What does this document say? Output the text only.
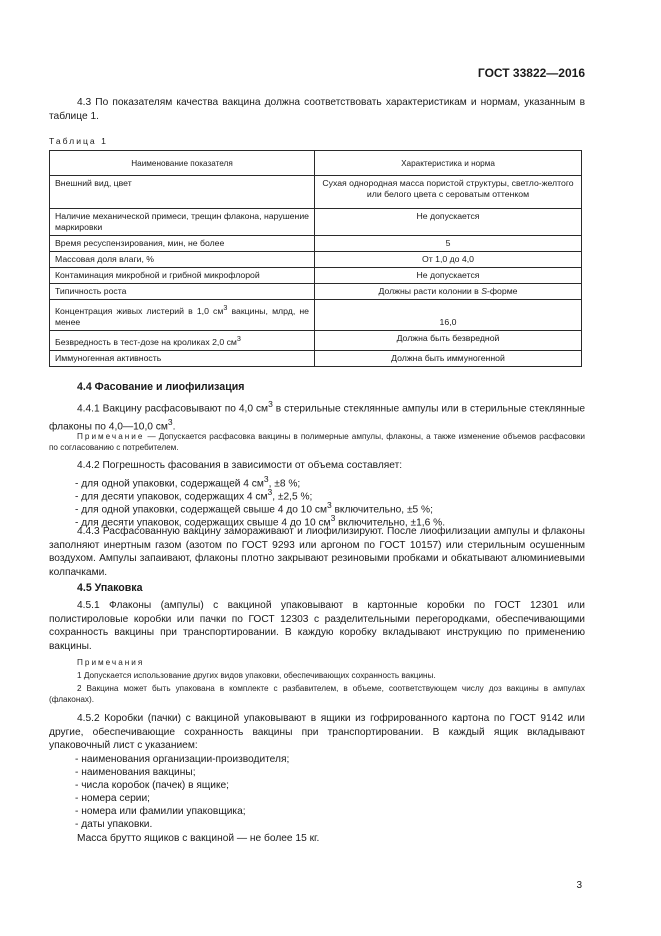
ГОСТ 33822—2016

4.3 По показателям качества вакцина должна соответствовать характеристикам и нормам, указанным в таблице 1.

Таблица 1
Наименование показателя	Характеристика и норма
Внешний вид, цвет	Сухая однородная масса пористой структуры, светло-желтого или белого цвета с сероватым оттенком
Наличие механической примеси, трещин флакона, нарушение маркировки	Не допускается
Время ресуспензирования, мин, не более	5
Массовая доля влаги, %	От 1,0 до 4,0
Контаминация микробной и грибной микрофлорой	Не допускается
Типичность роста	Должны расти колонии в S-форме
Концентрация живых листерий в 1,0 $см^3$ вакцины, млрд, не менее	16,0
Безвредность в тест-дозе на кроликах 2,0 $см^3$	Должна быть безвредной
Иммуногенная активность	Должна быть иммуногенной

4.4 Фасование и лиофилизация

4.4.1 Вакцину расфасовывают по 4,0 $см^3$ в стерильные стеклянные ампулы или в стерильные стеклянные флаконы по 4,0—10,0 $см^3$.

Примечание — Допускается расфасовка вакцины в полимерные ампулы, флаконы, а также изменение объемов расфасовки по согласованию с потребителем.

4.4.2 Погрешность фасования в зависимости от объема составляет:

- для одной упаковки, содержащей 4 $см^3$, ±8 %;

- для десяти упаковок, содержащих 4 $см^3$, ±2,5 %;

- для одной упаковки, содержащей свыше 4 до 10 $см^3$ включительно, ±5 %;

- для десяти упаковок, содержащих свыше 4 до 10 $см^3$ включительно, ±1,6 %.

4.4.3 Расфасованную вакцину замораживают и лиофилизируют. После лиофилизации ампулы и флаконы заполняют инертным газом (азотом по ГОСТ 9293 или аргоном по ГОСТ 10157) или стерильным осушенным воздухом. Ампулы запаивают, флаконы плотно закрывают резиновыми пробками и обкатывают алюминиевыми колпачками.

4.5 Упаковка

4.5.1 Флаконы (ампулы) с вакциной упаковывают в картонные коробки по ГОСТ 12301 или полистироловые коробки или пачки по ГОСТ 12303 с разделительными перегородками, обеспечивающими сохранность вакцины при транспортировании. В каждую коробку вкладывают инструкцию по применению вакцины.

Примечания

1 Допускается использование других видов упаковки, обеспечивающих сохранность вакцины.

2 Вакцина может быть упакована в комплекте с разбавителем, в объеме, соответствующем числу доз вакцины в ампулах (флаконах).

4.5.2 Коробки (пачки) с вакциной упаковывают в ящики из гофрированного картона по ГОСТ 9142 или другие, обеспечивающие сохранность вакцины при транспортировании. В каждый ящик вкладывают упаковочный лист с указанием:

- наименования организации-производителя;

- наименования вакцины;

- числа коробок (пачек) в ящике;

- номера серии;

- номера или фамилии упаковщика;

- даты упаковки.

Масса брутто ящиков с вакциной — не более 15 кг.

3
